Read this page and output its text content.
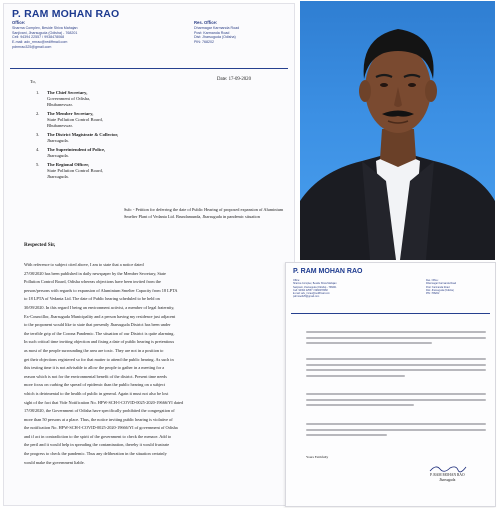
P. RAM MOHAN RAO
Office:
Sharma Complex, Beside Shiva Mahajan
Sanjivani, Jharsuguda (Odisha) - 768201
Cell: 94394 22557 / 9938478068
E-mail: adv_rmrao@rediffmail.com
pdrmrao325@gmail.com
Res. Office:
Dharmagar Karmanda Road
Post: Karmanda Road
Dist: Jharsuguda (Odisha)
PIN: 768202
To,	Date: 17-09-2020
1.	The Chief Secretary,
Government of Odisha,
Bhubaneswar.
2.	The Member Secretary,
State Pollution Control Board,
Bhubaneswar.
3.	The District Magistrate & Collector,
Jharsuguda.
4.	The Superintendent of Police,
Jharsuguda.
5.	The Regional Officer,
State Pollution Control Board,
Jharsuguda.
Sub: - Petition for deferring the date of Public Hearing of proposed expansion of Aluminium Smelter Plant of Vedanta Ltd. Brundamunda, Jharsuguda in pandemic situation
Respected Sir,
With reference to subject cited above, I am to state that a notice dated
27/08/2020 has been published in daily newspaper by the Member Secretary, State
Pollution Control Board, Odisha whereas objections have been invited from the
person/persons with regards to expansion of Aluminium Smelter Capacity from 18 LPTA
to 18 LPTA of Vedanta Ltd. The date of Public hearing scheduled to be held on
30/09/2020. In this regard I being an environment activist, a member of legal fraternity,
Ex-Councillor, Jharsuguda Municipality and a person having my residence just adjacent
to the proponent would like to state that presently Jharsuguda District has been under
the terrible grip of the Corona Pandemic. The situation of our District is quite alarming.
In such critical time inviting objection and fixing a date of public hearing is pretentious
as most of the people surrounding the area are toxic. They are not in a position to
get their objections registered so for that matter to attend the public hearing. As such in
this testing time it is not advisable to allow the people to gather in a meeting for a
reason which is not for the environmental benefit of the district. Present time needs
more focus on curbing the spread of epidemic than the public hearing on a subject
which is detrimental to the health of public in general. Again it must not also be lost
sight of the fact that Vide Notification No. HFW-SCH-I-COVID-0025-2020-19666/YI dated
17/08/2020, the Government of Odisha have specifically prohibited the congregation of
more than 50 persons at a place. Thus, the notice inviting public hearing is violative of
the notification No. HFW-SCH-I-COVID-0025-2020-19666/YI of government of Odisha
and if act in contradiction to the spirit of the government to check the menace. Add to
the peril and it would help in spreading the contamination, thereby it would frustrate
the progress to check the pandemic. Thus any deliberation in the situation certainly
would make the government liable.
P. RAM MOHAN RAO
Office:
Sharma Complex, Beside Shiva Mahajan
Sanjivani, Jharsuguda (Odisha) - 768201
Cell: 94394 22557 / 9938478068
E-mail: adv_rmrao@rediffmail.com
pdrmrao325@gmail.com
Res. Office:
Dharmagar Karmanda Road
Post: Karmanda Road
Dist: Jharsuguda (Odisha)
PIN: 768202
Yours Faithfully
P. RAM MOHAN RAO
Jharsuguda
